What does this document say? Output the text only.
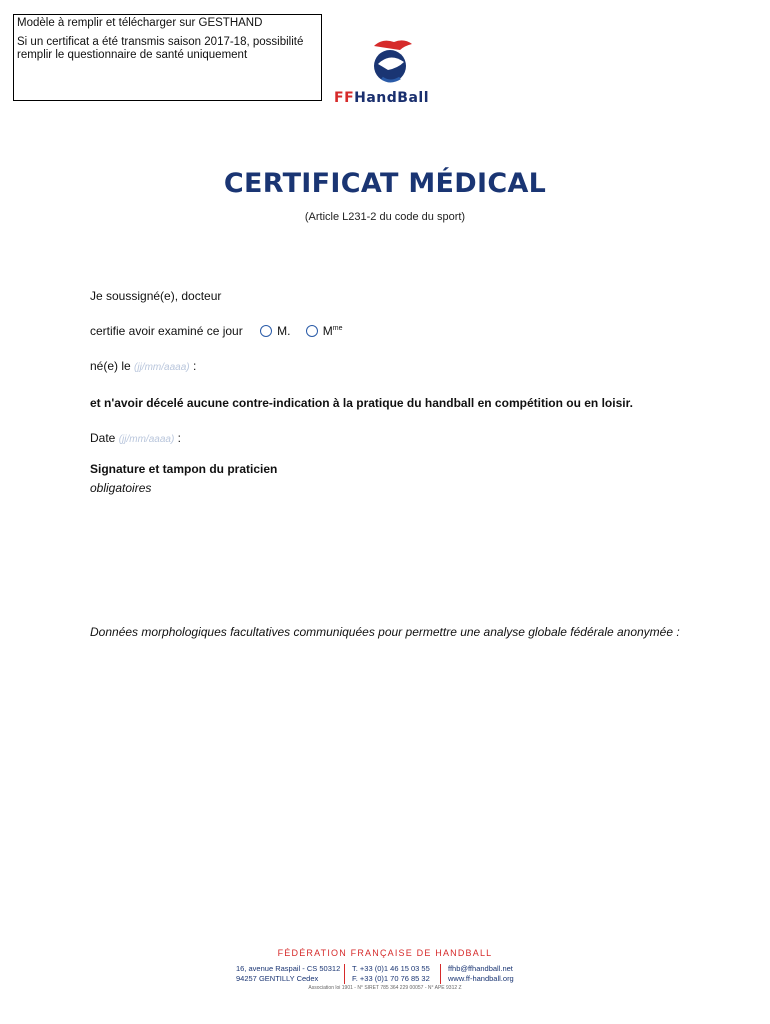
Modèle à remplir et télécharger sur GESTHAND

Si un certificat a été transmis saison 2017-18, possibilité remplir le questionnaire de santé uniquement

FFHandBall
CERTIFICAT MÉDICAL
(Article L231-2 du code du sport)
Je soussigné(e), docteur
certifie avoir examiné ce jour	M.	$M^{me}$
né(e) le (jj/mm/aaaa) :
et n'avoir décelé aucune contre-indication à la pratique du handball en compétition ou en loisir.
Date (jj/mm/aaaa) :
Signature et tampon du praticien
obligatoires
Données morphologiques facultatives communiquées pour permettre une analyse globale fédérale anonymée :
FÉDÉRATION FRANÇAISE DE HANDBALL
16, avenue Raspail - CS 50312
94257 GENTILLY Cedex
T. +33 (0)1 46 15 03 55
F. +33 (0)1 70 76 85 32
ffhb@ffhandball.net
www.ff-handball.org
Association loi 1901 - N° SIRET 785 364 229 00057 - N° APE 9312 Z
